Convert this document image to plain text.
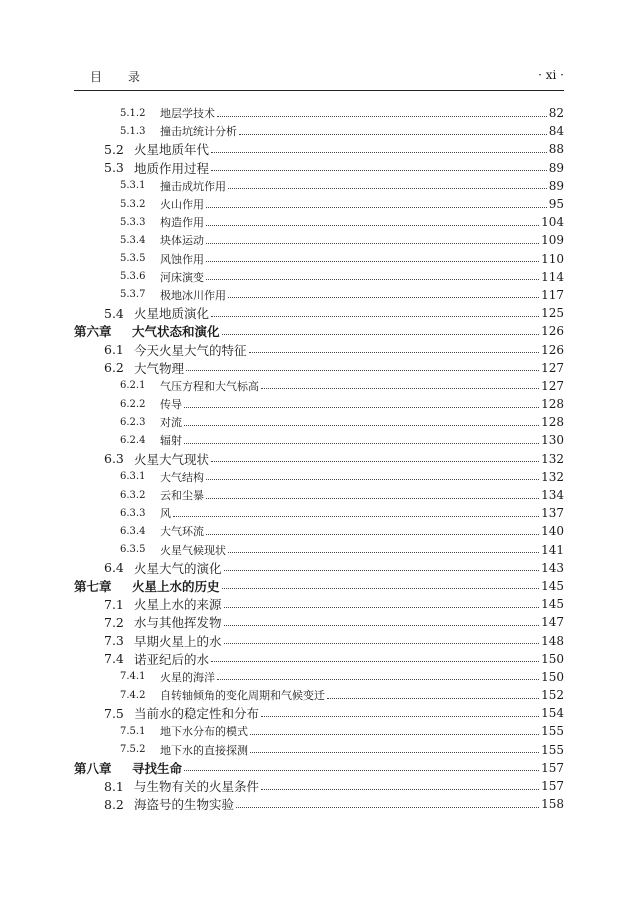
目录	· xi ·
5.1.2	地层学技术	82
5.1.3	撞击坑统计分析	84
5.2 火星地质年代	88
5.3 地质作用过程	89
5.3.1	撞击成坑作用	89
5.3.2	火山作用	95
5.3.3	构造作用	104
5.3.4	块体运动	109
5.3.5	风蚀作用	110
5.3.6	河床演变	114
5.3.7	极地冰川作用	117
5.4 火星地质演化	125
第六章	大气状态和演化	126
6.1 今天火星大气的特征	126
6.2 大气物理	127
6.2.1	气压方程和大气标高	127
6.2.2	传导	128
6.2.3	对流	128
6.2.4	辐射	130
6.3 火星大气现状	132
6.3.1	大气结构	132
6.3.2	云和尘暴	134
6.3.3	风	137
6.3.4	大气环流	140
6.3.5	火星气候现状	141
6.4 火星大气的演化	143
第七章	火星上水的历史	145
7.1 火星上水的来源	145
7.2 水与其他挥发物	147
7.3 早期火星上的水	148
7.4 诺亚纪后的水	150
7.4.1	火星的海洋	150
7.4.2	自转轴倾角的变化周期和气候变迁	152
7.5 当前水的稳定性和分布	154
7.5.1	地下水分布的模式	155
7.5.2	地下水的直接探测	155
第八章	寻找生命	157
8.1 与生物有关的火星条件	157
8.2 海盗号的生物实验	158
